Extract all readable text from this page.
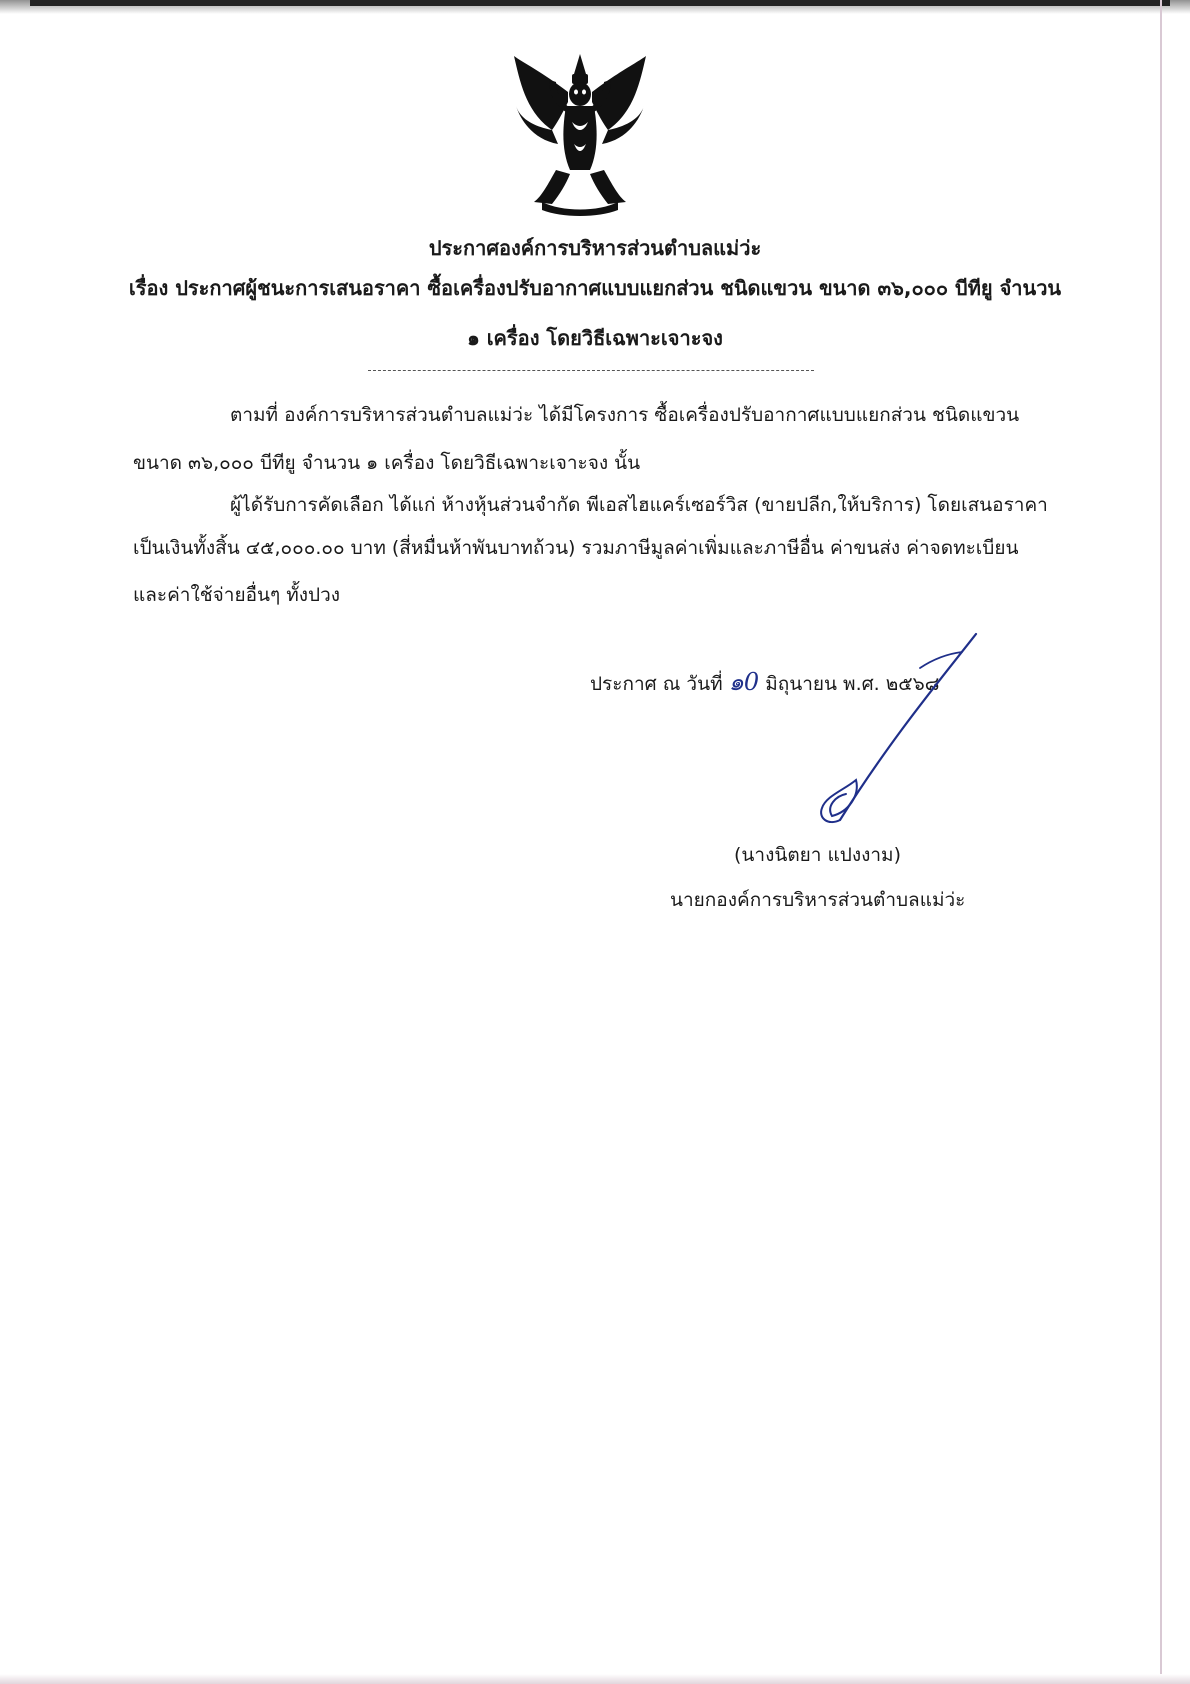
ประกาศองค์การบริหารส่วนตำบลแม่ว่ะ

เรื่อง ประกาศผู้ชนะการเสนอราคา ซื้อเครื่องปรับอากาศแบบแยกส่วน ชนิดแขวน ขนาด ๓๖,๐๐๐ บีทียู จำนวน

๑ เครื่อง โดยวิธีเฉพาะเจาะจง

ตามที่ องค์การบริหารส่วนตำบลแม่ว่ะ ได้มีโครงการ ซื้อเครื่องปรับอากาศแบบแยกส่วน ชนิดแขวน

ขนาด ๓๖,๐๐๐ บีทียู จำนวน ๑ เครื่อง โดยวิธีเฉพาะเจาะจง นั้น

ผู้ได้รับการคัดเลือก ได้แก่ ห้างหุ้นส่วนจำกัด พีเอสไฮแคร์เซอร์วิส (ขายปลีก,ให้บริการ) โดยเสนอราคา

เป็นเงินทั้งสิ้น ๔๕,๐๐๐.๐๐ บาท (สี่หมื่นห้าพันบาทถ้วน) รวมภาษีมูลค่าเพิ่มและภาษีอื่น ค่าขนส่ง ค่าจดทะเบียน

และค่าใช้จ่ายอื่นๆ ทั้งปวง

ประกาศ ณ วันที่ ๑0 มิถุนายน พ.ศ. ๒๕๖๘
(นางนิตยา แปงงาม)
นายกองค์การบริหารส่วนตำบลแม่ว่ะ
